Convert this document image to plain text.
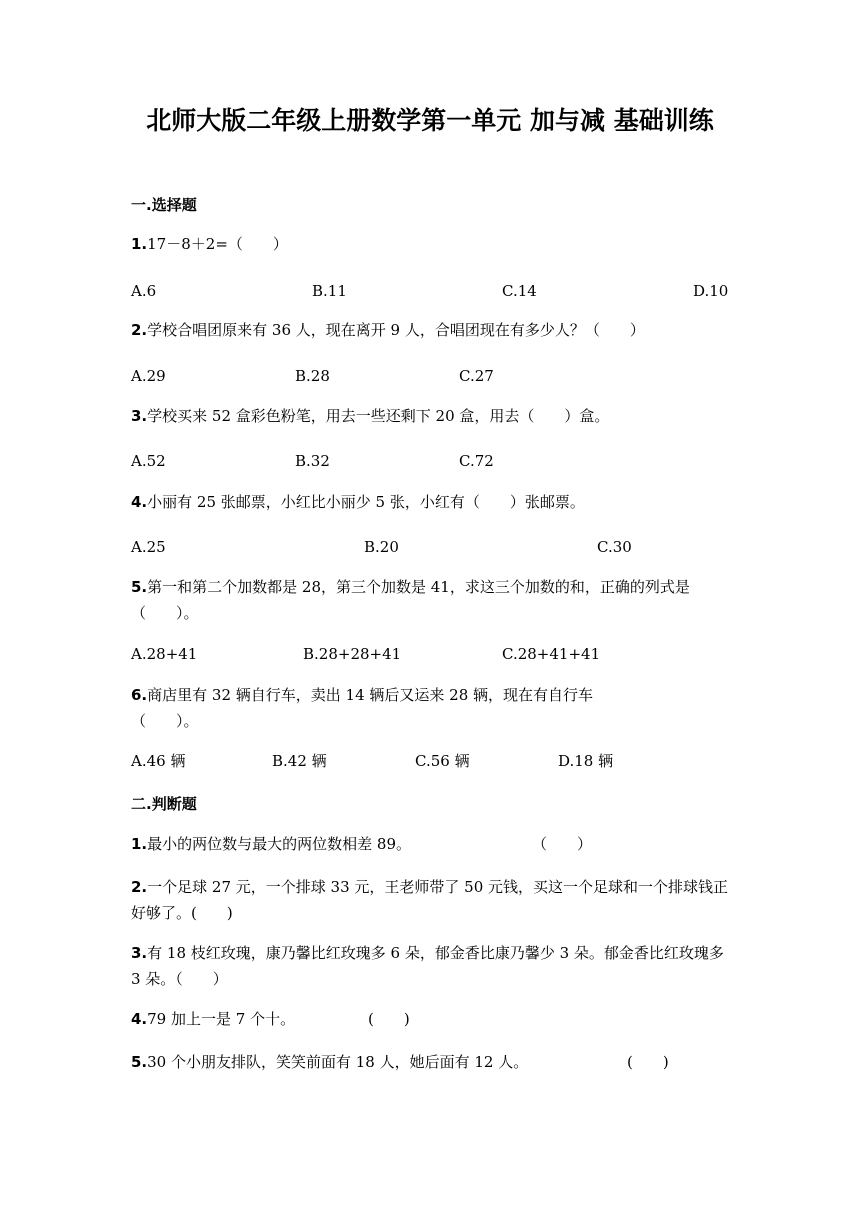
北师大版二年级上册数学第一单元 加与减 基础训练
一.选择题
1.17－8＋2=（　　）
A.6	B.11	C.14	D.10
2.学校合唱团原来有 36 人，现在离开 9 人，合唱团现在有多少人？（　　）
A.29	B.28	C.27
3.学校买来 52 盒彩色粉笔，用去一些还剩下 20 盒，用去（　　）盒。
A.52	B.32	C.72
4.小丽有 25 张邮票，小红比小丽少 5 张，小红有（　　）张邮票。
A.25	B.20	C.30
5.第一和第二个加数都是 28，第三个加数是 41，求这三个加数的和，正确的列式是（　　）。
A.28+41	B.28+28+41	C.28+41+41
6.商店里有 32 辆自行车，卖出 14 辆后又运来 28 辆，现在有自行车（　　）。
A.46 辆	B.42 辆	C.56 辆	D.18 辆
二.判断题
1.最小的两位数与最大的两位数相差 89。	（　　）
2.一个足球 27 元，一个排球 33 元，王老师带了 50 元钱，买这一个足球和一个排球钱正好够了。(　　)
3.有 18 枝红玫瑰，康乃馨比红玫瑰多 6 朵，郁金香比康乃馨少 3 朵。郁金香比红玫瑰多 3 朵。（　　）
4.79 加上一是 7 个十。	(　　)
5.30 个小朋友排队，笑笑前面有 18 人，她后面有 12 人。	(　　)
